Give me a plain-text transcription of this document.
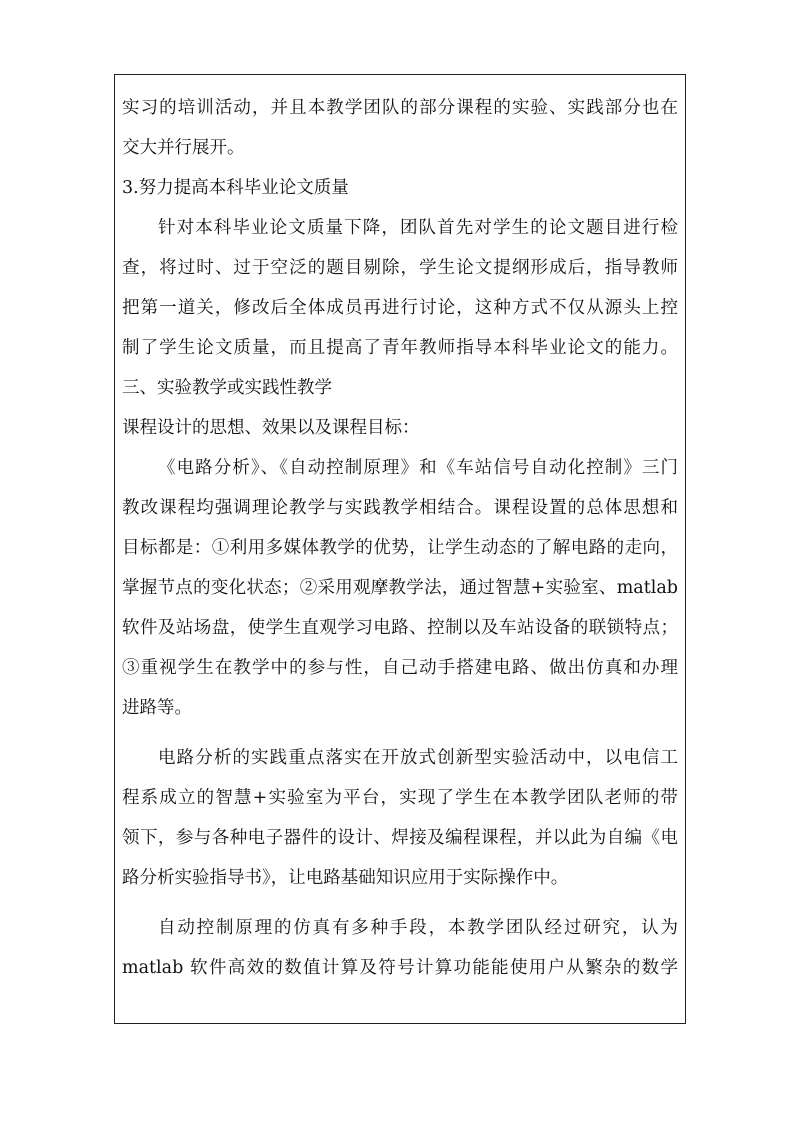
实习的培训活动，并且本教学团队的部分课程的实验、实践部分也在
交大并行展开。
3.努力提高本科毕业论文质量
针对本科毕业论文质量下降，团队首先对学生的论文题目进行检
查，将过时、过于空泛的题目剔除，学生论文提纲形成后，指导教师
把第一道关，修改后全体成员再进行讨论，这种方式不仅从源头上控
制了学生论文质量，而且提高了青年教师指导本科毕业论文的能力。
三、实验教学或实践性教学
课程设计的思想、效果以及课程目标：
《电路分析》、《自动控制原理》和《车站信号自动化控制》三门
教改课程均强调理论教学与实践教学相结合。课程设置的总体思想和
目标都是：①利用多媒体教学的优势，让学生动态的了解电路的走向，
掌握节点的变化状态；②采用观摩教学法，通过智慧+实验室、matlab
软件及站场盘，使学生直观学习电路、控制以及车站设备的联锁特点；
③重视学生在教学中的参与性，自己动手搭建电路、做出仿真和办理
进路等。
电路分析的实践重点落实在开放式创新型实验活动中，以电信工
程系成立的智慧+实验室为平台，实现了学生在本教学团队老师的带
领下，参与各种电子器件的设计、焊接及编程课程，并以此为自编《电
路分析实验指导书》，让电路基础知识应用于实际操作中。
自动控制原理的仿真有多种手段，本教学团队经过研究，认为
matlab 软件高效的数值计算及符号计算功能能使用户从繁杂的数学
